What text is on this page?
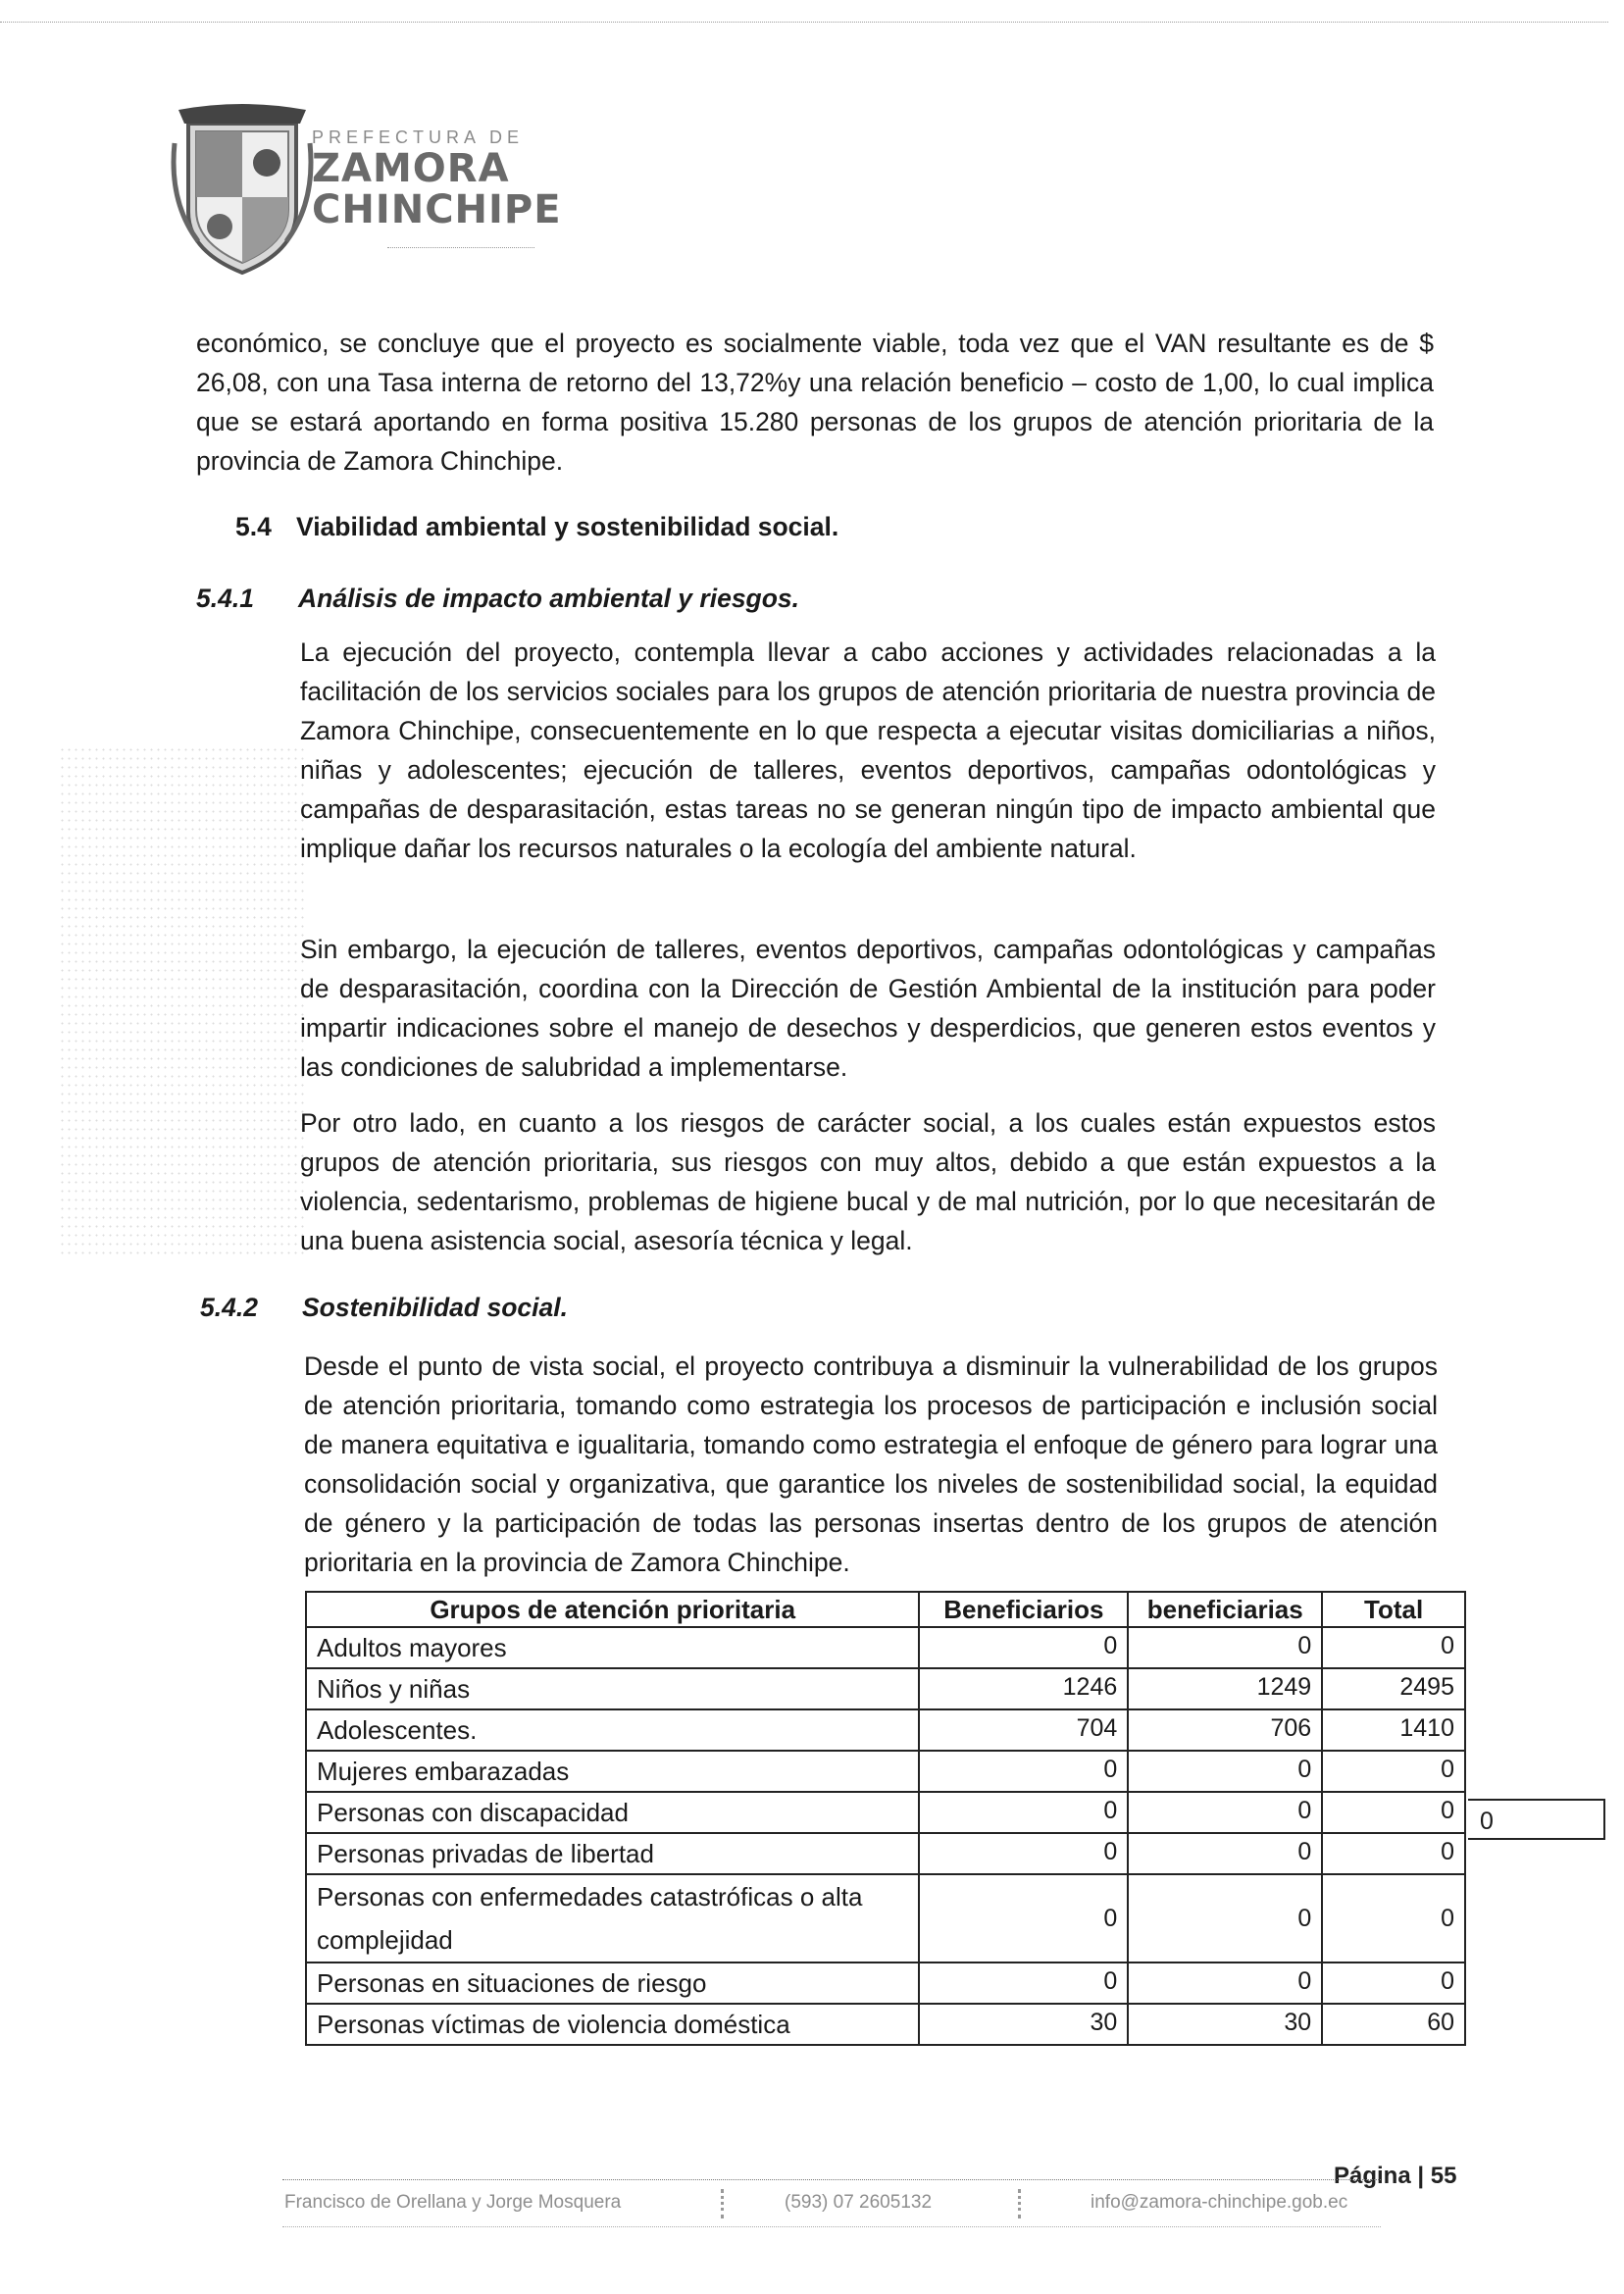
PREFECTURA DE
ZAMORA
CHINCHIPE
económico, se concluye que el proyecto es socialmente viable, toda vez que el VAN resultante es de $ 26,08, con una Tasa interna de retorno del 13,72%y una relación beneficio – costo de 1,00, lo cual implica que se estará aportando en forma positiva 15.280 personas de los grupos de atención prioritaria de la provincia de Zamora Chinchipe.
5.4 Viabilidad ambiental y sostenibilidad social.
5.4.1 Análisis de impacto ambiental y riesgos.
La ejecución del proyecto, contempla llevar a cabo acciones y actividades relacionadas a la facilitación de los servicios sociales para los grupos de atención prioritaria de nuestra provincia de Zamora Chinchipe, consecuentemente en lo que respecta a ejecutar visitas domiciliarias a niños, niñas y adolescentes; ejecución de talleres, eventos deportivos, campañas odontológicas y campañas de desparasitación, estas tareas no se generan ningún tipo de impacto ambiental que implique dañar los recursos naturales o la ecología del ambiente natural.
Sin embargo, la ejecución de talleres, eventos deportivos, campañas odontológicas y campañas de desparasitación, coordina con la Dirección de Gestión Ambiental de la institución para poder impartir indicaciones sobre el manejo de desechos y desperdicios, que generen estos eventos y las condiciones de salubridad a implementarse.
Por otro lado, en cuanto a los riesgos de carácter social, a los cuales están expuestos estos grupos de atención prioritaria, sus riesgos con muy altos, debido a que están expuestos a la violencia, sedentarismo, problemas de higiene bucal y de mal nutrición, por lo que necesitarán de una buena asistencia social, asesoría técnica y legal.
5.4.2 Sostenibilidad social.
Desde el punto de vista social, el proyecto contribuya a disminuir la vulnerabilidad de los grupos de atención prioritaria, tomando como estrategia los procesos de participación e inclusión social de manera equitativa e igualitaria, tomando como estrategia el enfoque de género para lograr una consolidación social y organizativa, que garantice los niveles de sostenibilidad social, la equidad de género y la participación de todas las personas insertas dentro de los grupos de atención prioritaria en la provincia de Zamora Chinchipe.
Grupos de atención prioritaria	Beneficiarios	beneficiarias	Total
Adultos mayores	0	0	0
Niños y niñas	1246	1249	2495
Adolescentes.	704	706	1410
Mujeres embarazadas	0	0	0
Personas con discapacidad	0	0	0
Personas privadas de libertad	0	0	0
Personas con enfermedades catastróficas o alta complejidad	0	0	0
Personas en situaciones de riesgo	0	0	0
Personas víctimas de violencia doméstica	30	30	60
0
Página | 55
Francisco de Orellana y Jorge Mosquera	(593) 07 2605132	info@zamora-chinchipe.gob.ec
